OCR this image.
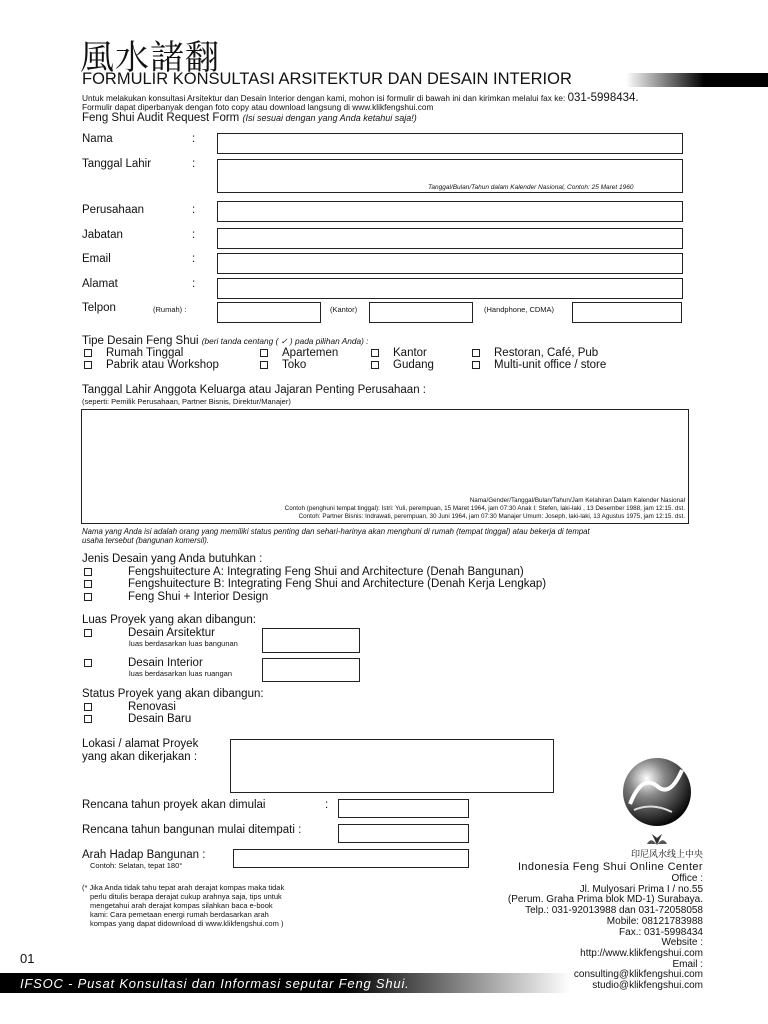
風水諸翻
FORMULIR KONSULTASI ARSITEKTUR DAN DESAIN INTERIOR
Untuk melakukan konsultasi Arsitektur dan Desain Interior dengan kami, mohon isi formulir di bawah ini dan kirimkan melalui fax ke: 031-5998434.
Formulir dapat diperbanyak dengan foto copy atau download langsung di www.klikfengshui.com
Feng Shui Audit Request Form (Isi sesuai dengan yang Anda ketahui saja!)
Nama	:
Tanggal Lahir	:
Tanggal/Bulan/Tahun dalam Kalender Nasional, Contoh: 25 Maret 1960
Perusahaan	:
Jabatan	:
Email	:
Alamat	:
Telpon	(Rumah) :	(Kantor)	(Handphone, CDMA)
Tipe Desain Feng Shui (beri tanda centang ( ✓ ) pada pilihan Anda) :
Rumah Tinggal	Apartemen	Kantor	Restoran, Café, Pub
Pabrik atau Workshop	Toko	Gudang	Multi-unit office / store
Tanggal Lahir Anggota Keluarga atau Jajaran Penting Perusahaan :
(seperti: Pemilik Perusahaan, Partner Bisnis, Direktur/Manajer)
Nama/Gender/Tanggal/Bulan/Tahun/Jam Kelahiran Dalam Kalender Nasional
Contoh (penghuni tempat tinggal): Istri: Yuli, perempuan, 15 Maret 1964, jam 07:30 Anak I: Stefen, laki-laki , 13 Desember 1988, jam 12:15. dst.
Contoh: Partner Bisnis: Indrawati, perempuan, 30 Juni 1964, jam 07:30 Manajer Umum: Joseph, laki-laki, 13 Agustus 1975, jam 12:15. dst.
Nama yang Anda isi adalah orang yang memiliki status penting dan sehari-harinya akan menghuni di rumah (tempat tinggal) atau bekerja di tempat
usaha tersebut (bangunan komersil).
Jenis Desain yang Anda butuhkan :
Fengshuitecture A: Integrating Feng Shui and Architecture (Denah Bangunan)
Fengshuitecture B: Integrating Feng Shui and Architecture (Denah Kerja Lengkap)
Feng Shui + Interior Design
Luas Proyek yang akan dibangun:
Desain Arsitektur
luas berdasarkan luas bangunan
Desain Interior
luas berdasarkan luas ruangan
Status Proyek yang akan dibangun:
Renovasi
Desain Baru
Lokasi / alamat Proyek
yang akan dikerjakan :
Rencana tahun proyek akan dimulai	:
Rencana tahun bangunan mulai ditempati :
Arah Hadap Bangunan :
Contoh: Selatan, tepat 180°
(* Jika Anda tidak tahu tepat arah derajat kompas maka tidak
perlu ditulis berapa derajat cukup arahnya saja, tips untuk
mengetahui arah derajat kompas silahkan baca e-book
kami: Cara pemetaan energi rumah berdasarkan arah
kompas yang dapat didownload di www.klikfengshui.com )
印尼风水线上中央
Indonesia Feng Shui Online Center
Office :
Jl. Mulyosari Prima I / no.55
(Perum. Graha Prima blok MD-1) Surabaya.
Telp.: 031-92013988 dan 031-72058058
Mobile: 08121783988
Fax.: 031-5998434
Website :
http://www.klikfengshui.com
Email :
consulting@klikfengshui.com
studio@klikfengshui.com
01
IFSOC - Pusat Konsultasi dan Informasi seputar Feng Shui.
